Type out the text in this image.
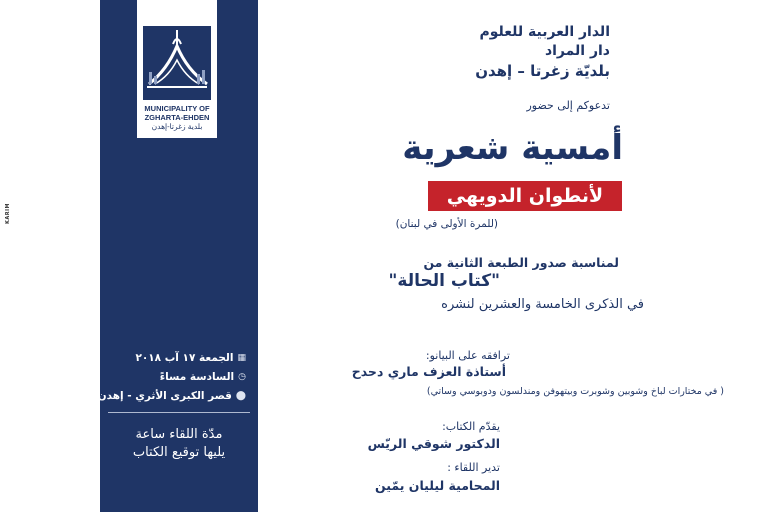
KARIM
MUNICIPALITY OF
ZGHARTA-EHDEN
بلدية زغرتا-إهدن
▦
الجمعة ١٧ آب ٢٠١٨
◷
السادسة مساءً
⬤
قصر الكبرى الأثري - إهدن
مدّة اللقاء ساعة
يليها توقيع الكتاب
الدار العربية للعلوم
دار المراد
بلديّة زغرتا – إهدن
تدعوكم إلى حضور
أمسية شعرية
لأنطوان الدويهي
(للمرة الأولى في لبنان)
لمناسبة صدور الطبعة الثانية من
"كتاب الحالة"
في الذكرى الخامسة والعشرين لنشره
ترافقه على البيانو:
أستاذة العزف ماري دحدح
( في مختارات لباخ وشوبين وشوبرت وبيتهوفن ومندلسون ودوبوسي وساتي)
يقدّم الكتاب:
الدكتور شوقي الريّس
تدير اللقاء :
المحامية ليليان يمّين
